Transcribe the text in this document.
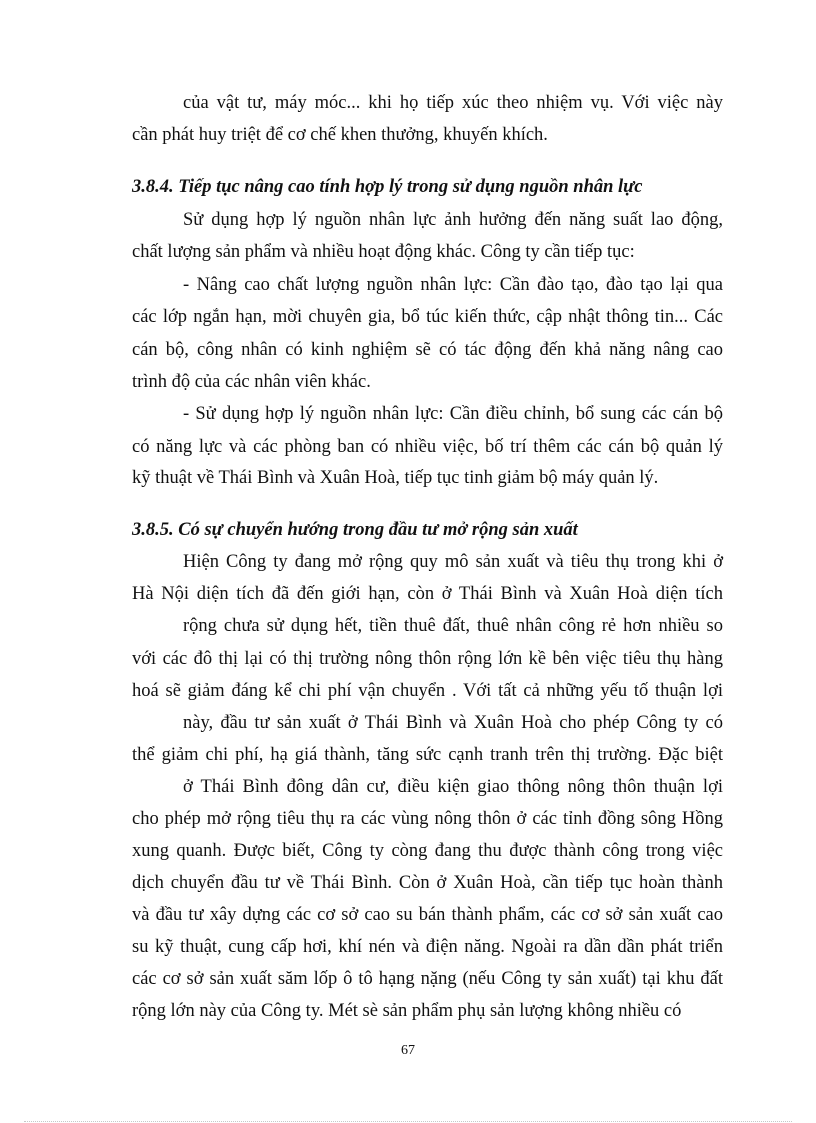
của vật tư, máy móc... khi họ tiếp xúc theo nhiệm vụ. Với việc này
cần phát huy triệt để cơ chế khen thưởng, khuyến khích.
3.8.4. Tiếp tục nâng cao tính hợp lý trong sử dụng nguồn nhân lực
Sử dụng hợp lý nguồn nhân lực ảnh hưởng đến năng suất lao động,
chất lượng sản phẩm và nhiều hoạt động khác. Công ty cần tiếp tục:
- Nâng cao chất lượng nguồn nhân lực: Cần đào tạo, đào tạo lại qua
các lớp ngắn hạn, mời chuyên gia, bổ túc kiến thức, cập nhật thông tin... Các
cán bộ, công nhân có kinh nghiệm sẽ có tác động đến khả năng nâng cao
trình độ của các nhân viên khác.
- Sử dụng hợp lý nguồn nhân lực: Cần điều chỉnh, bổ sung các cán bộ
có năng lực và các phòng ban có nhiều việc, bố trí thêm các cán bộ quản lý
kỹ thuật về Thái Bình và Xuân Hoà, tiếp tục tinh giảm bộ máy quản lý.
3.8.5. Có sự chuyển hướng trong đầu tư mở rộng sản xuất
Hiện Công ty đang mở rộng quy mô sản xuất và tiêu thụ trong khi ở
Hà Nội diện tích đã đến giới hạn, còn ở Thái Bình và Xuân Hoà diện tích
rộng chưa sử dụng hết, tiền thuê đất, thuê nhân công rẻ hơn nhiều so
với các đô thị lại có thị trường nông thôn rộng lớn kề bên việc tiêu thụ hàng
hoá sẽ giảm đáng kể chi phí vận chuyển . Với tất cả những yếu tố thuận lợi
này, đầu tư sản xuất ở Thái Bình và Xuân Hoà cho phép Công ty có
thể giảm chi phí, hạ giá thành, tăng sức cạnh tranh trên thị trường. Đặc biệt
ở Thái Bình đông dân cư, điều kiện giao thông nông thôn thuận lợi
cho phép mở rộng tiêu thụ ra các vùng nông thôn ở các tỉnh đồng sông Hồng
xung quanh. Được biết, Công ty còng đang thu được thành công trong việc
dịch chuyển đầu tư về Thái Bình. Còn ở Xuân Hoà, cần tiếp tục hoàn thành
và đầu tư xây dựng các cơ sở cao su bán thành phẩm, các cơ sở sản xuất cao
su kỹ thuật, cung cấp hơi, khí nén và điện năng. Ngoài ra dần dần phát triển
các cơ sở sản xuất săm lốp ô tô hạng nặng (nếu Công ty sản xuất) tại khu đất
rộng lớn này của Công ty. Mét sè sản phẩm phụ sản lượng không nhiều có
67
